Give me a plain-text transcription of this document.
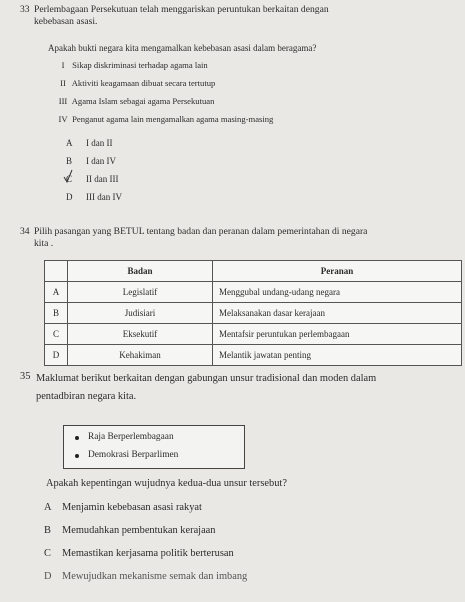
33 Perlembagaan Persekutuan telah menggariskan peruntukan berkaitan dengan
kebebasan asasi.
Apakah bukti negara kita mengamalkan kebebasan asasi dalam beragama?
I Sikap diskriminasi terhadap agama lain
II Aktiviti keagamaan dibuat secara tertutup
III Agama Islam sebagai agama Persekutuan
IV Penganut agama lain mengamalkan agama masing-masing
A I dan II
B I dan IV
C II dan III
D III dan IV
34 Pilih pasangan yang BETUL tentang badan dan peranan dalam pemerintahan di negara
kita .
	Badan	Peranan
A	Legislatif	Menggubal undang-udang negara
B	Judisiari	Melaksanakan dasar kerajaan
C	Eksekutif	Mentafsir peruntukan perlembagaan
D	Kehakiman	Melantik jawatan penting
35 Maklumat berikut berkaitan dengan gabungan unsur tradisional dan moden dalam
pentadbiran negara kita.
Raja Berperlembagaan
Demokrasi Berparlimen
Apakah kepentingan wujudnya kedua-dua unsur tersebut?
A Menjamin kebebasan asasi rakyat
B Memudahkan pembentukan kerajaan
C Memastikan kerjasama politik berterusan
D Mewujudkan mekanisme semak dan imbang
